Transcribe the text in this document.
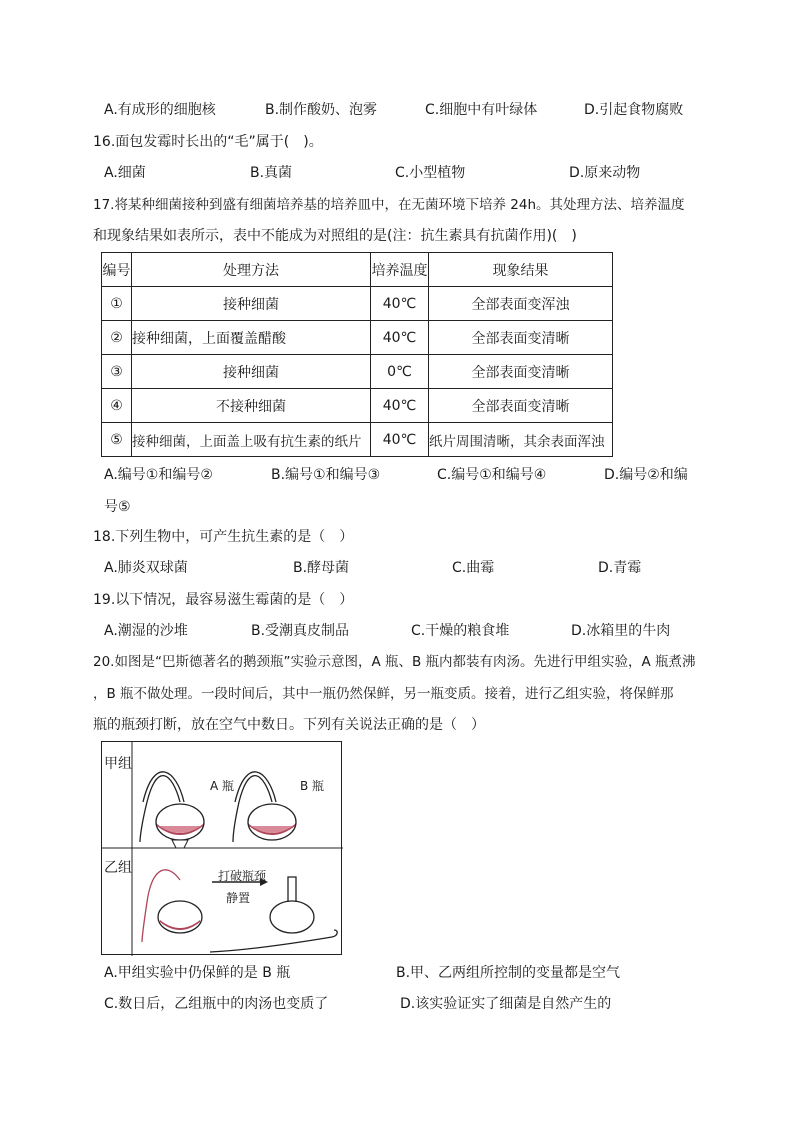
A.有成形的细胞核	B.制作酸奶、泡雾	C.细胞中有叶绿体	D.引起食物腐败
16.面包发霉时长出的“毛”属于(　)。
A.细菌	B.真菌	C.小型植物	D.原来动物
17.将某种细菌接种到盛有细菌培养基的培养皿中，在无菌环境下培养 24h。其处理方法、培养温度
和现象结果如表所示，表中不能成为对照组的是(注：抗生素具有抗菌作用)(　)
编号	处理方法	培养温度	现象结果
①	接种细菌	40℃	全部表面变浑浊
②	接种细菌，上面覆盖醋酸	40℃	全部表面变清晰
③	接种细菌	0℃	全部表面变清晰
④	不接种细菌	40℃	全部表面变清晰
⑤	接种细菌，上面盖上吸有抗生素的纸片	40℃	纸片周围清晰，其余表面浑浊
A.编号①和编号②	B.编号①和编号③	C.编号①和编号④	D.编号②和编
号⑤
18.下列生物中，可产生抗生素的是（　）
A.肺炎双球菌	B.酵母菌	C.曲霉	D.青霉
19.以下情况，最容易滋生霉菌的是（　）
A.潮湿的沙堆	B.受潮真皮制品	C.干燥的粮食堆	D.冰箱里的牛肉
20.如图是“巴斯德著名的鹅颈瓶”实验示意图，A 瓶、B 瓶内都装有肉汤。先进行甲组实验，A 瓶煮沸
，B 瓶不做处理。一段时间后，其中一瓶仍然保鲜，另一瓶变质。接着，进行乙组实验，将保鲜那
瓶的瓶颈打断，放在空气中数日。下列有关说法正确的是（　）
甲组
乙组
A 瓶	B 瓶
打破瓶颈
静置
A.甲组实验中仍保鲜的是 B 瓶	B.甲、乙两组所控制的变量都是空气
C.数日后，乙组瓶中的肉汤也变质了	D.该实验证实了细菌是自然产生的
